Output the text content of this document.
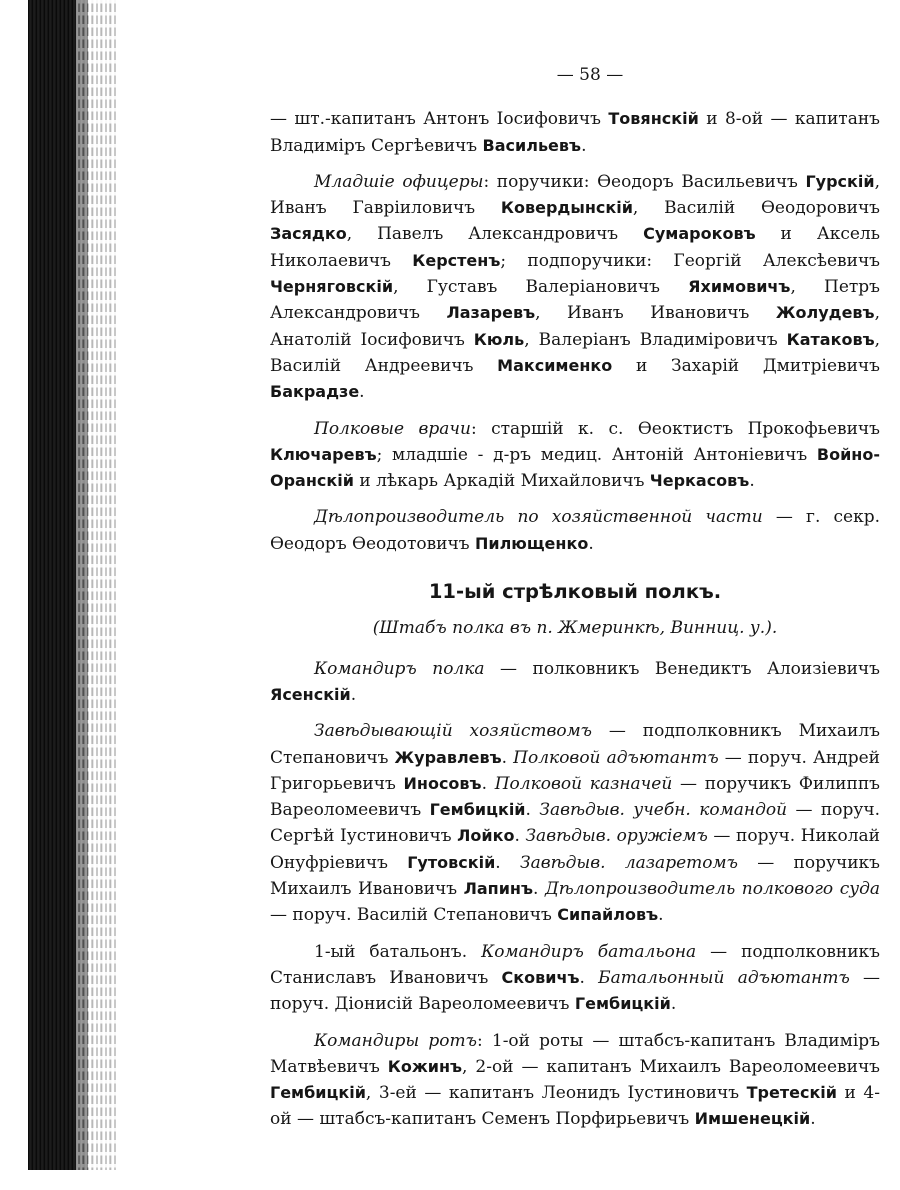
— 58 —

— шт.-капитанъ Антонъ Іосифовичъ Товянскій и 8-ой — капитанъ Владиміръ Сергѣевичъ Васильевъ.

Младшіе офицеры: поручики: Ѳеодоръ Васильевичъ Гурскій, Иванъ Гавріиловичъ Ковердынскій, Василій Ѳеодоровичъ Засядко, Павелъ Александровичъ Сумароковъ и Аксель Николаевичъ Керстенъ; подпоручики: Георгій Алексѣевичъ Черняговскій, Густавъ Валеріановичъ Яхимовичъ, Петръ Александровичъ Лазаревъ, Иванъ Ивановичъ Жолудевъ, Анатолій Іосифовичъ Кюль, Валеріанъ Владиміровичъ Катаковъ, Василій Андреевичъ Максименко и Захарій Дмитріевичъ Бакрадзе.

Полковые врачи: старшій к. с. Ѳеоктистъ Прокофьевичъ Ключаревъ; младшіе - д-ръ медиц. Антоній Антоніевичъ Войно-Оранскій и лѣкарь Аркадій Михайловичъ Черкасовъ.

Дѣлопроизводитель по хозяйственной части — г. секр. Ѳеодоръ Ѳеодотовичъ Пилющенко.

11-ый стрѣлковый полкъ.
(Штабъ полка въ п. Жмеринкѣ, Винниц. у.).

Командиръ полка — полковникъ Венедиктъ Алоизіевичъ Ясенскій.

Завѣдывающій хозяйствомъ — подполковникъ Михаилъ Степановичъ Журавлевъ. Полковой адъютантъ — поруч. Андрей Григорьевичъ Иносовъ. Полковой казначей — поручикъ Филиппъ Вареоломеевичъ Гембицкій. Завѣдыв. учебн. командой — поруч. Сергѣй Іустиновичъ Лойко. Завѣдыв. оружіемъ — поруч. Николай Онуфріевичъ Гутовскій. Завѣдыв. лазаретомъ — поручикъ Михаилъ Ивановичъ Лапинъ. Дѣлопроизводитель полкового суда — поруч. Василій Степановичъ Сипайловъ.

1-ый батальонъ. Командиръ батальона — подполковникъ Станиславъ Ивановичъ Сковичъ. Батальонный адъютантъ — поруч. Діонисій Вареоломеевичъ Гембицкій.

Командиры ротъ: 1-ой роты — штабсъ-капитанъ Владиміръ Матвѣевичъ Кожинъ, 2-ой — капитанъ Михаилъ Вареоломеевичъ Гембицкій, 3-ей — капитанъ Леонидъ Іустиновичъ Третескій и 4-ой — штабсъ-капитанъ Семенъ Порфирьевичъ Имшенецкій.
